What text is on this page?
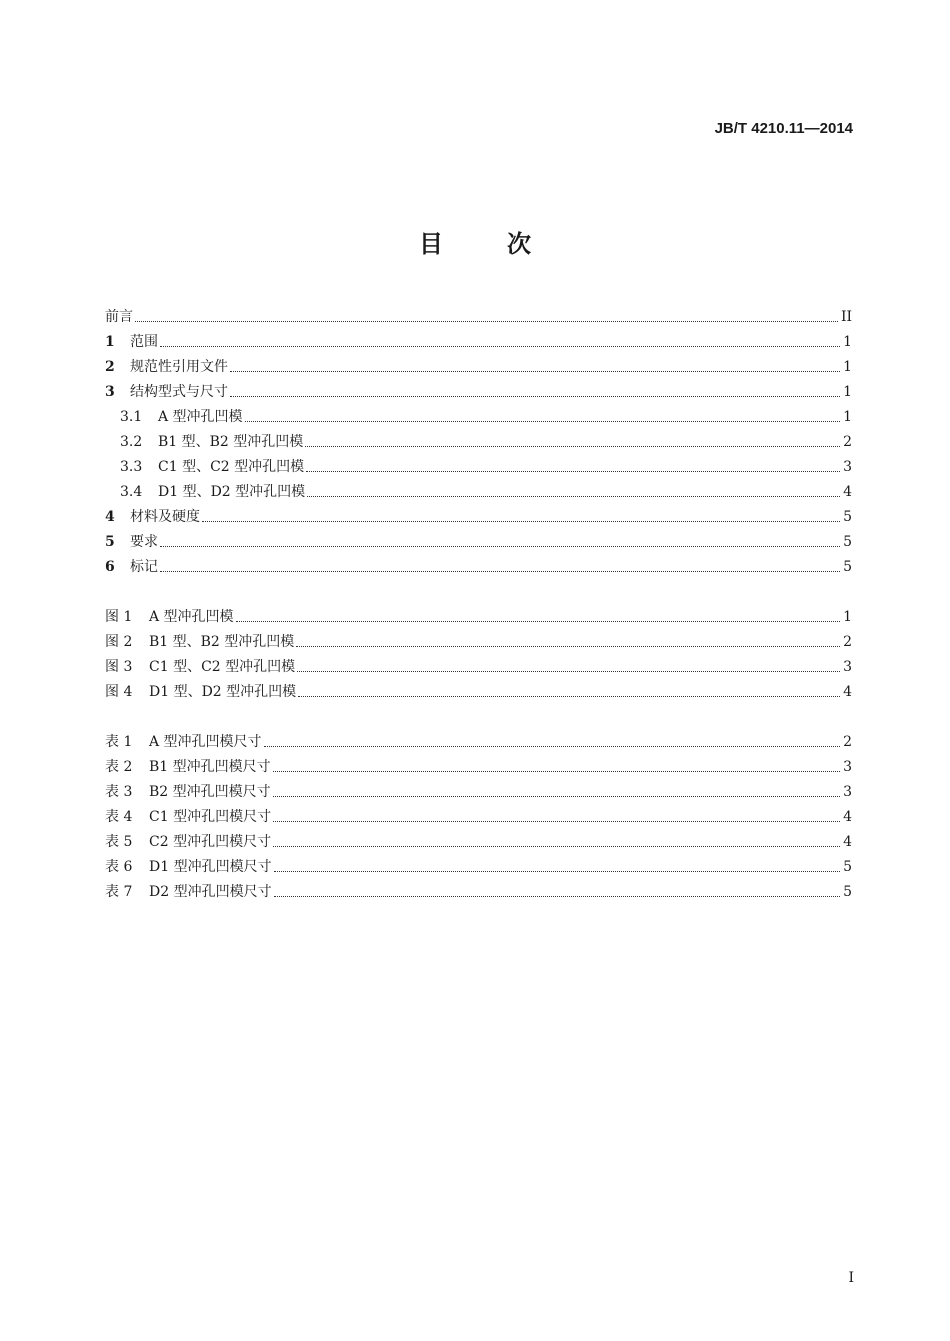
JB/T 4210.11—2014
目	次
前言	II
1	范围	1
2	规范性引用文件	1
3	结构型式与尺寸	1
3.1	A 型冲孔凹模	1
3.2	B1 型、B2 型冲孔凹模	2
3.3	C1 型、C2 型冲孔凹模	3
3.4	D1 型、D2 型冲孔凹模	4
4	材料及硬度	5
5	要求	5
6	标记	5
图 1	A 型冲孔凹模	1
图 2	B1 型、B2 型冲孔凹模	2
图 3	C1 型、C2 型冲孔凹模	3
图 4	D1 型、D2 型冲孔凹模	4
表 1	A 型冲孔凹模尺寸	2
表 2	B1 型冲孔凹模尺寸	3
表 3	B2 型冲孔凹模尺寸	3
表 4	C1 型冲孔凹模尺寸	4
表 5	C2 型冲孔凹模尺寸	4
表 6	D1 型冲孔凹模尺寸	5
表 7	D2 型冲孔凹模尺寸	5
I
